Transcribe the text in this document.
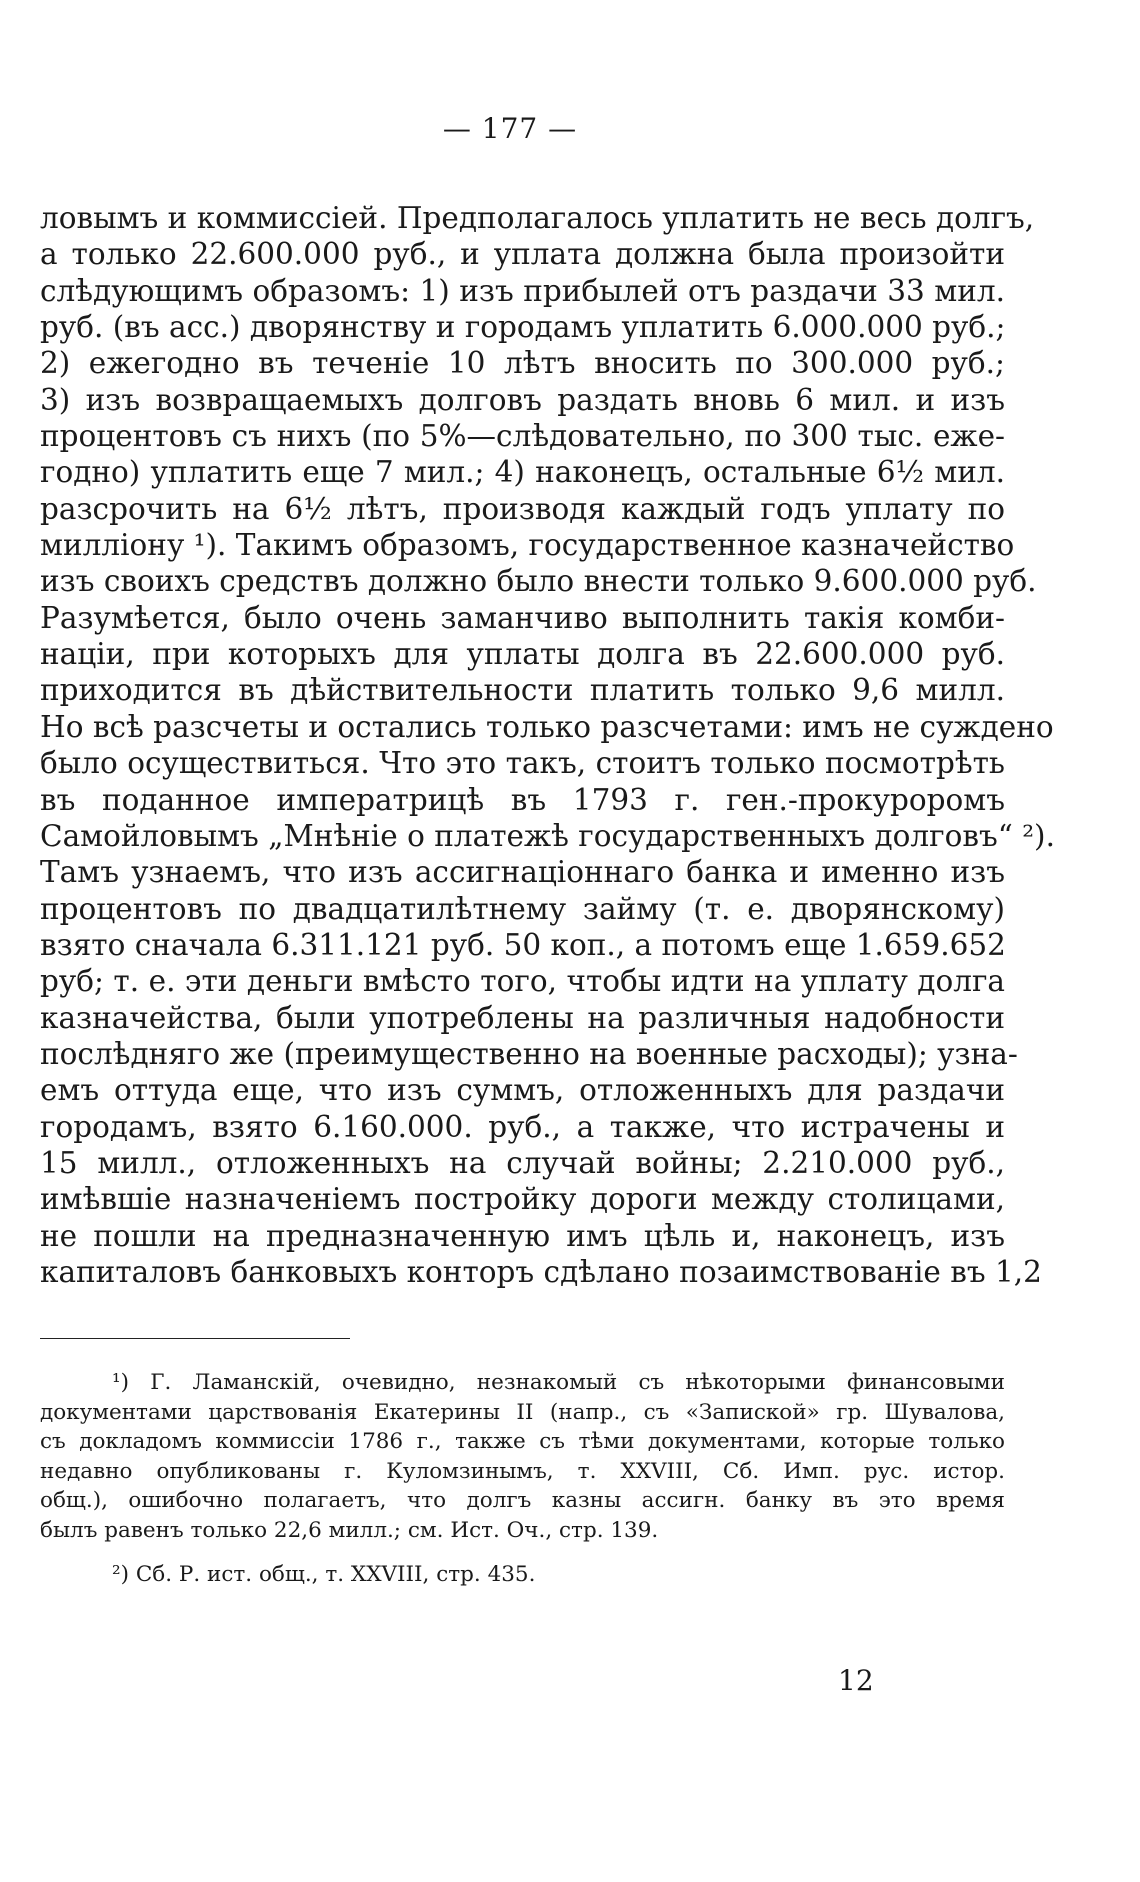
— 177 —
ловымъ и коммиссіей. Предполагалось уплатить не весь долгъ,
а только 22.600.000 руб., и уплата должна была произойти
слѣдующимъ образомъ: 1) изъ прибылей отъ раздачи 33 мил.
руб. (въ асс.) дворянству и городамъ уплатить 6.000.000 руб.;
2) ежегодно въ теченіе 10 лѣтъ вносить по 300.000 руб.;
3) изъ возвращаемыхъ долговъ раздать вновь 6 мил. и изъ
процентовъ съ нихъ (по 5%—слѣдовательно, по 300 тыс. еже-
годно) уплатить еще 7 мил.; 4) наконецъ, остальные 6½ мил.
разсрочить на 6½ лѣтъ, производя каждый годъ уплату по
милліону ¹). Такимъ образомъ, государственное казначейство
изъ своихъ средствъ должно было внести только 9.600.000 руб.
Разумѣется, было очень заманчиво выполнить такія комби-
націи, при которыхъ для уплаты долга въ 22.600.000 руб.
приходится въ дѣйствительности платить только 9,6 милл.
Но всѣ разсчеты и остались только разсчетами: имъ не суждено
было осуществиться. Что это такъ, стоитъ только посмотрѣть
въ поданное императрицѣ въ 1793 г. ген.-прокуроромъ
Самойловымъ „Мнѣніе о платежѣ государственныхъ долговъ“ ²).
Тамъ узнаемъ, что изъ ассигнаціоннаго банка и именно изъ
процентовъ по двадцатилѣтнему займу (т. е. дворянскому)
взято сначала 6.311.121 руб. 50 коп., а потомъ еще 1.659.652
руб; т. е. эти деньги вмѣсто того, чтобы идти на уплату долга
казначейства, были употреблены на различныя надобности
послѣдняго же (преимущественно на военные расходы); узна-
емъ оттуда еще, что изъ суммъ, отложенныхъ для раздачи
городамъ, взято 6.160.000. руб., а также, что истрачены и
15 милл., отложенныхъ на случай войны; 2.210.000 руб.,
имѣвшіе назначеніемъ постройку дороги между столицами,
не пошли на предназначенную имъ цѣль и, наконецъ, изъ
капиталовъ банковыхъ конторъ сдѣлано позаимствованіе въ 1,2
¹) Г. Ламанскій, очевидно, незнакомый съ нѣкоторыми финансовыми
документами царствованія Екатерины II (напр., съ «Запиской» гр. Шувалова,
съ докладомъ коммиссіи 1786 г., также съ тѣми документами, которые только
недавно опубликованы г. Куломзинымъ, т. XXVIII, Сб. Имп. рус. истор.
общ.), ошибочно полагаетъ, что долгъ казны ассигн. банку въ это время
былъ равенъ только 22,6 милл.; см. Ист. Оч., стр. 139.
²) Сб. Р. ист. общ., т. XXVIII, стр. 435.
12
